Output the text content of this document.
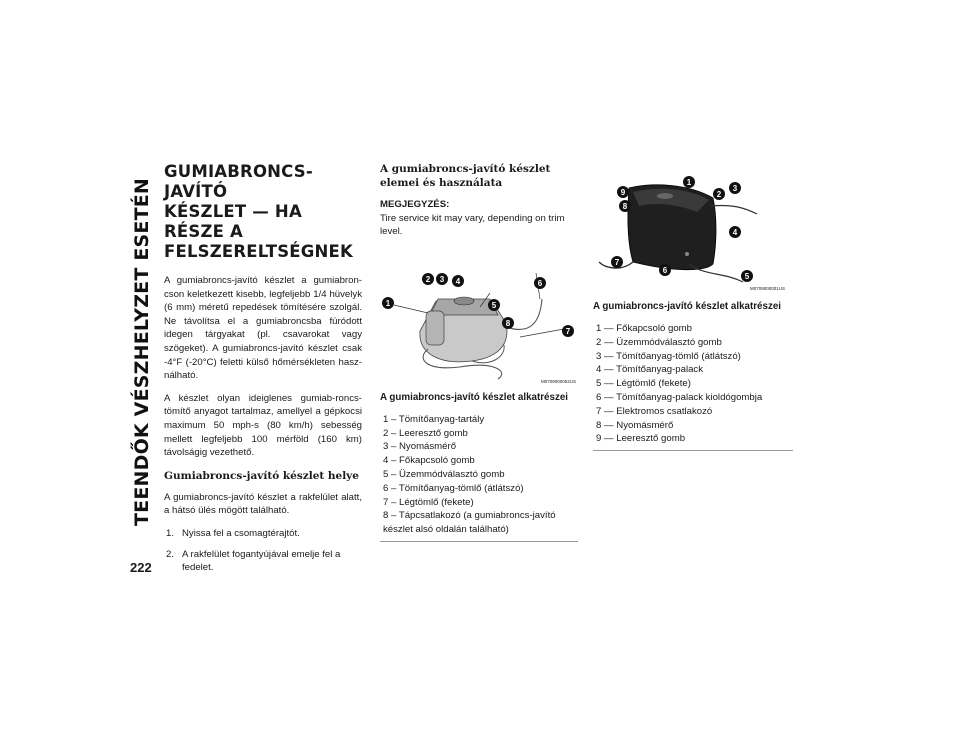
TEENDŐK VÉSZHELYZET ESETÉN
222
GUMIABRONCS-JAVÍTÓ
KÉSZLET — HA RÉSZE A
FELSZERELTSÉGNEK

A gumiabroncs-javító készlet a gumiabron-cson keletkezett kisebb, legfeljebb 1/4 hüvelyk (6 mm) méretű repedések tömítésére szolgál. Ne távolítsa el a gumiabroncsba fúródott idegen tárgyakat (pl. csavarokat vagy szögeket). A gumiabroncs-javító készlet csak -4°F (-20°C) feletti külső hőmérsékleten hasz-nálható.

A készlet olyan ideiglenes gumiab-roncs-tömítő anyagot tartalmaz, amellyel a gépkocsi maximum 50 mph-s (80 km/h) sebesség mellett legfeljebb 100 mérföld (160 km) távolságig vezethető.

Gumiabroncs-javító készlet helye

A gumiabroncs-javító készlet a rakfelület alatt, a hátsó ülés mögött található.

1. Nyissa fel a csomagtérajtót.
2. A rakfelület fogantyújával emelje fel a fedelet.
A gumiabroncs-javító készlet elemei és használata
MEGJEGYZÉS:
Tire service kit may vary, depending on trim level.
1
2 3 4
5
6
7
8
M0709000052US
A gumiabroncs-javító készlet alkatrészei
1 – Tömítőanyag-tartály
2 – Leeresztő gomb
3 – Nyomásmérő
4 – Főkapcsoló gomb
5 – Üzemmódválasztó gomb
6 – Tömítőanyag-tömlő (átlátszó)
7 – Légtömlő (fekete)
8 – Tápcsatlakozó (a gumiabroncs-javító készlet alsó oldalán található)
1
2
3
4
5
6
7
8
9
M0709000001US
A gumiabroncs-javító készlet alkatrészei
1 — Főkapcsoló gomb
2 — Üzemmódválasztó gomb
3 — Tömítőanyag-tömlő (átlátszó)
4 — Tömítőanyag-palack
5 — Légtömlő (fekete)
6 — Tömítőanyag-palack kioldógombja
7 — Elektromos csatlakozó
8 — Nyomásmérő
9 — Leeresztő gomb
